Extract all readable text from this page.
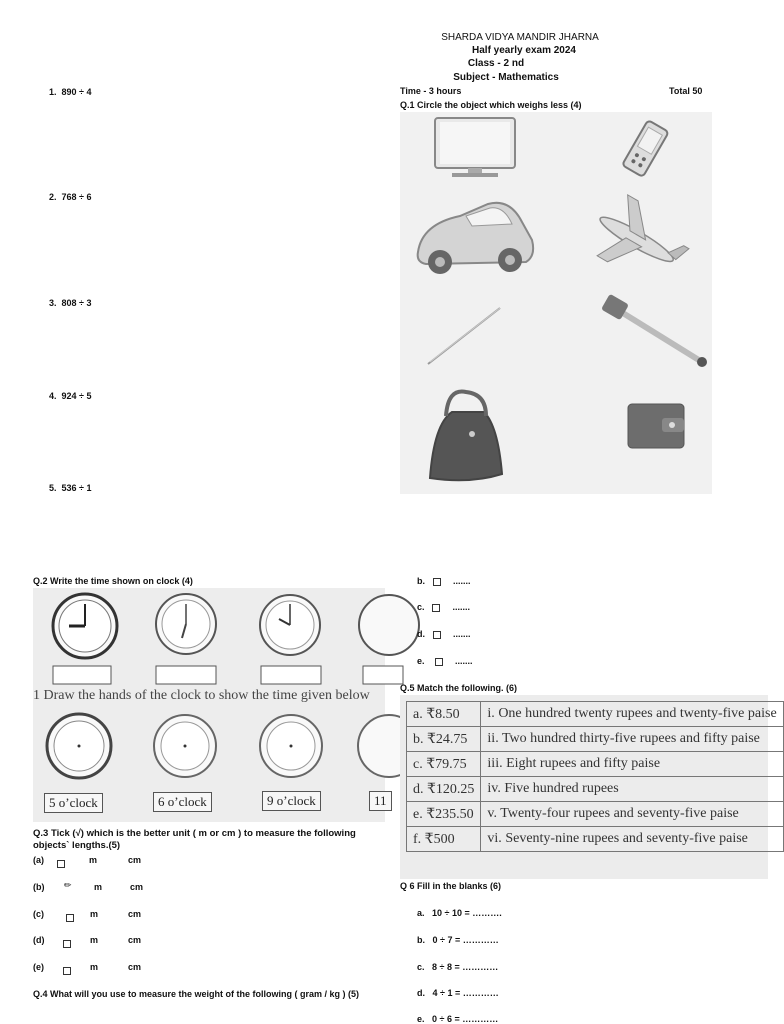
SHARDA VIDYA MANDIR JHARNA
Half yearly exam 2024
Class - 2 nd
Subject - Mathematics
Time - 3 hours	Total 50
1. 890 ÷ 4
2. 768 ÷ 6
3. 808 ÷ 3
4. 924 ÷ 5
5. 536 ÷ 1
Q.1 Circle the object which weighs less (4)
Q.2 Write the time shown on clock (4)
1 Draw the hands of the clock to show the time given below
5 o’clock	6 o’clock	9 o’clock	11
Q.3 Tick (√) which is the better unit ( m or cm ) to measure the following objects` lengths.(5)
(a)	m	cm
(b) ✏ m	cm
(c)	m	cm
(d)	m	cm
(e)	m	cm
Q.4 What will you use to measure the weight of the following ( gram / kg ) (5)
b.	.......
c.	.......
d.	.......
e.	.......
Q.5 Match the following. (6)
a. ₹8.50	i. One hundred twenty rupees and twenty-five paise
b. ₹24.75	ii. Two hundred thirty-five rupees and fifty paise
c. ₹79.75	iii. Eight rupees and fifty paise
d. ₹120.25	iv. Five hundred rupees
e. ₹235.50	v. Twenty-four rupees and seventy-five paise
f. ₹500	vi. Seventy-nine rupees and seventy-five paise
Q 6 Fill in the blanks (6)
a. 10 ÷ 10 = ……….
b. 0 ÷ 7 = …………
c. 8 ÷ 8 = …………
d. 4 ÷ 1 = …………
e. 0 ÷ 6 = …………
